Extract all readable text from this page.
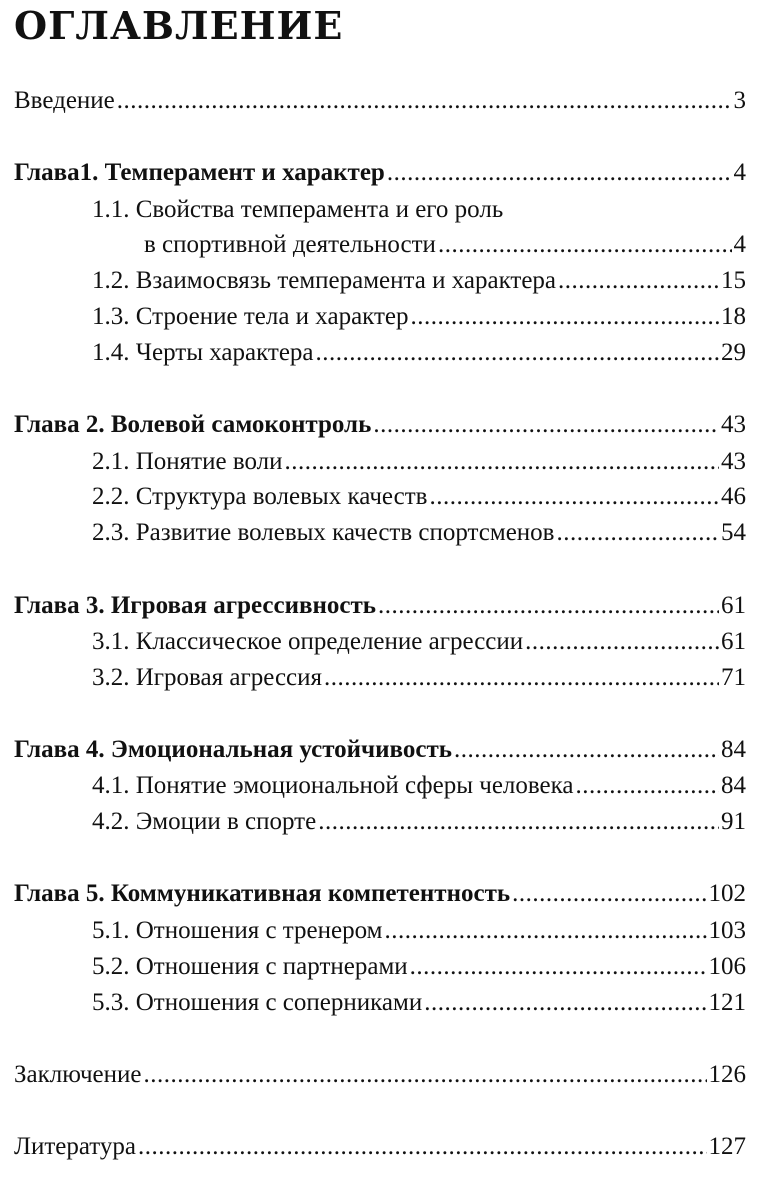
ОГЛАВЛЕНИЕ
Введение .....	3
Глава1. Темперамент и характер .....	4
1.1. Свойства темперамента и его роль
в спортивной деятельности .....	4
1.2. Взаимосвязь темперамента и характера .....	15
1.3. Строение тела и характер .....	18
1.4. Черты характера .....	29
Глава 2. Волевой самоконтроль .....	43
2.1. Понятие воли .....	43
2.2. Структура волевых качеств .....	46
2.3. Развитие волевых качеств спортсменов .....	54
Глава 3. Игровая агрессивность .....	61
3.1. Классическое определение агрессии .....	61
3.2. Игровая агрессия .....	71
Глава 4. Эмоциональная устойчивость .....	84
4.1. Понятие эмоциональной сферы человека .....	84
4.2. Эмоции в спорте .....	91
Глава 5. Коммуникативная компетентность .....	102
5.1. Отношения с тренером .....	103
5.2. Отношения с партнерами .....	106
5.3. Отношения с соперниками .....	121
Заключение .....	126
Литература .....	127
